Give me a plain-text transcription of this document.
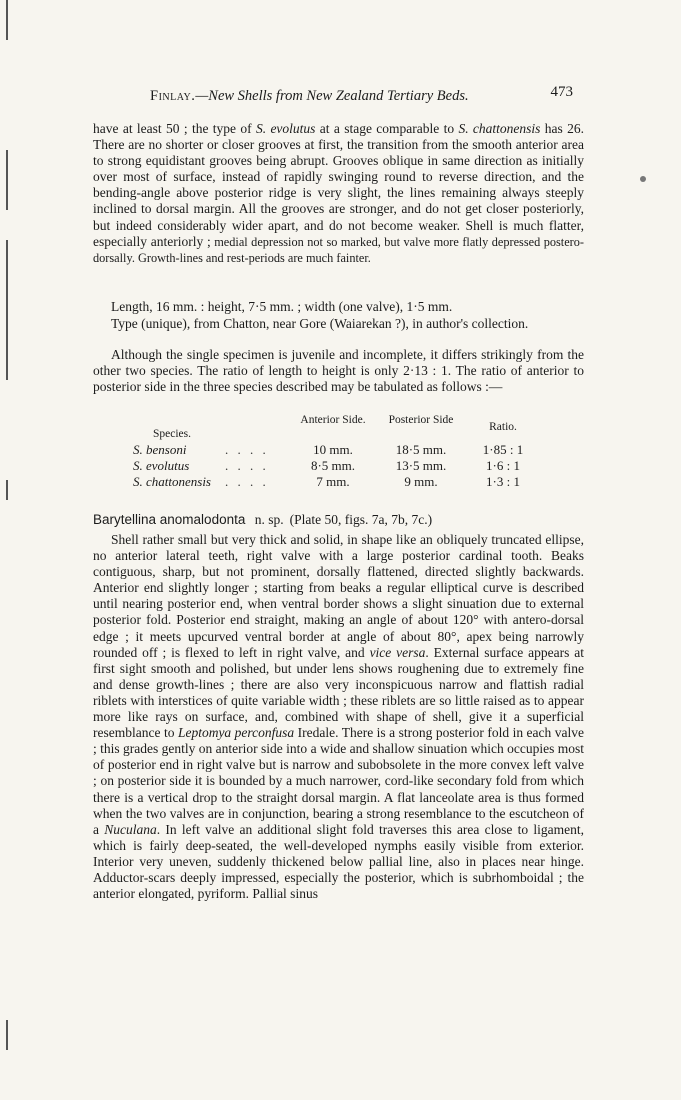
Finlay.—New Shells from New Zealand Tertiary Beds.	473

have at least 50 ; the type of S. evolutus at a stage comparable to S. chattonensis has 26. There are no shorter or closer grooves at first, the transition from the smooth anterior area to strong equidistant grooves being abrupt. Grooves oblique in same direction as initially over most of surface, instead of rapidly swinging round to reverse direction, and the bending-angle above posterior ridge is very slight, the lines remaining always steeply inclined to dorsal margin. All the grooves are stronger, and do not get closer posteriorly, but indeed considerably wider apart, and do not become weaker. Shell is much flatter, especially anteriorly ; medial depression not so marked, but valve more flatly depressed postero-dorsally. Growth-lines and rest-periods are much fainter.

Length, 16 mm. : height, 7·5 mm. ; width (one valve), 1·5 mm.

Type (unique), from Chatton, near Gore (Waiarekan ?), in author's collection.

Although the single specimen is juvenile and incomplete, it differs strikingly from the other two species. The ratio of length to height is only 2·13 : 1. The ratio of anterior to posterior side in the three species described may be tabulated as follows :—

Species.
Anterior Side.	Posterior Side
Ratio.
S. bensoni	. . . .	10 mm.	18·5 mm.	1·85 : 1
S. evolutus	. . . .	8·5 mm.	13·5 mm.	1·6 : 1
S. chattonensis	. . . .	7 mm.	9 mm.	1·3 : 1
Barytellina anomalodonta n. sp. (Plate 50, figs. 7a, 7b, 7c.)

Shell rather small but very thick and solid, in shape like an obliquely truncated ellipse, no anterior lateral teeth, right valve with a large posterior cardinal tooth. Beaks contiguous, sharp, but not prominent, dorsally flattened, directed slightly backwards. Anterior end slightly longer ; starting from beaks a regular elliptical curve is described until nearing posterior end, when ventral border shows a slight sinuation due to external posterior fold. Posterior end straight, making an angle of about 120° with antero-dorsal edge ; it meets upcurved ventral border at angle of about 80°, apex being narrowly rounded off ; is flexed to left in right valve, and vice versa. External surface appears at first sight smooth and polished, but under lens shows roughening due to extremely fine and dense growth-lines ; there are also very inconspicuous narrow and flattish radial riblets with interstices of quite variable width ; these riblets are so little raised as to appear more like rays on surface, and, combined with shape of shell, give it a superficial resemblance to Leptomya perconfusa Iredale. There is a strong posterior fold in each valve ; this grades gently on anterior side into a wide and shallow sinuation which occupies most of posterior end in right valve but is narrow and subobsolete in the more convex left valve ; on posterior side it is bounded by a much narrower, cord-like secondary fold from which there is a vertical drop to the straight dorsal margin. A flat lanceolate area is thus formed when the two valves are in conjunction, bearing a strong resemblance to the escutcheon of a Nuculana. In left valve an additional slight fold traverses this area close to ligament, which is fairly deep-seated, the well-developed nymphs easily visible from exterior. Interior very uneven, suddenly thickened below pallial line, also in places near hinge. Adductor-scars deeply impressed, especially the posterior, which is subrhomboidal ; the anterior elongated, pyriform. Pallial sinus
